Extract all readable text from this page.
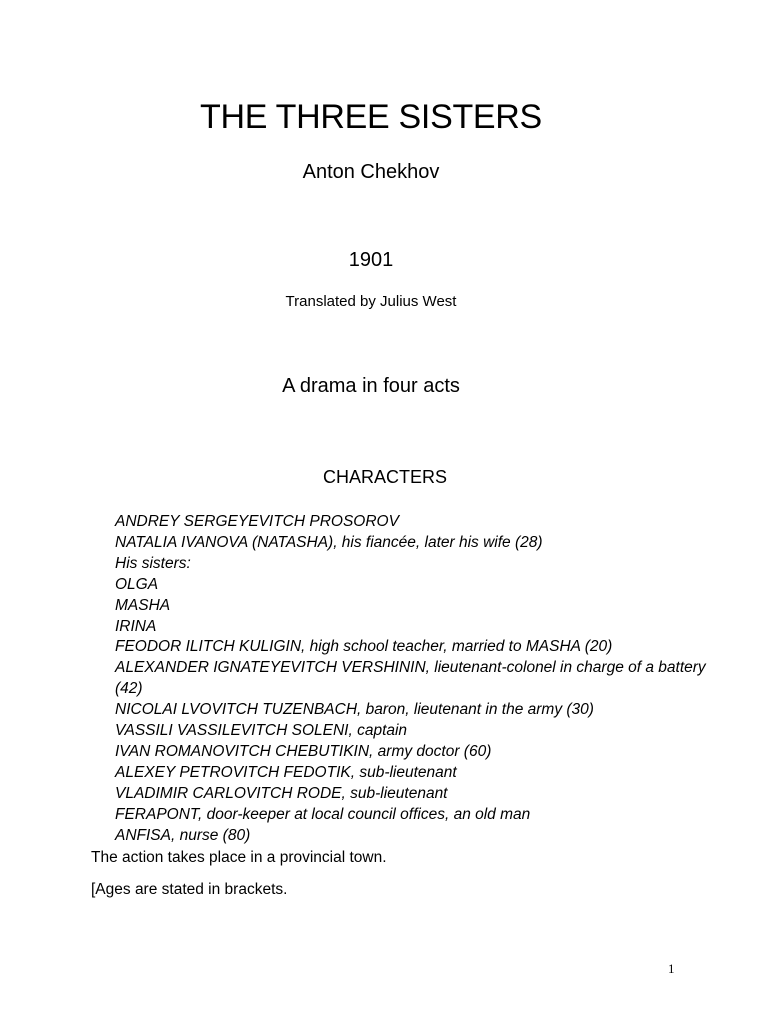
THE THREE SISTERS
Anton Chekhov
1901
Translated by Julius West
A drama in four acts
CHARACTERS
ANDREY SERGEYEVITCH PROSOROV
NATALIA IVANOVA (NATASHA), his fiancée, later his wife (28)
His sisters:
OLGA
MASHA
IRINA
FEODOR ILITCH KULIGIN, high school teacher, married to MASHA (20)
ALEXANDER IGNATEYEVITCH VERSHININ, lieutenant-colonel in charge of a battery (42)
NICOLAI LVOVITCH TUZENBACH, baron, lieutenant in the army (30)
VASSILI VASSILEVITCH SOLENI, captain
IVAN ROMANOVITCH CHEBUTIKIN, army doctor (60)
ALEXEY PETROVITCH FEDOTIK, sub-lieutenant
VLADIMIR CARLOVITCH RODE, sub-lieutenant
FERAPONT, door-keeper at local council offices, an old man
ANFISA, nurse (80)
The action takes place in a provincial town.
[Ages are stated in brackets.
1
